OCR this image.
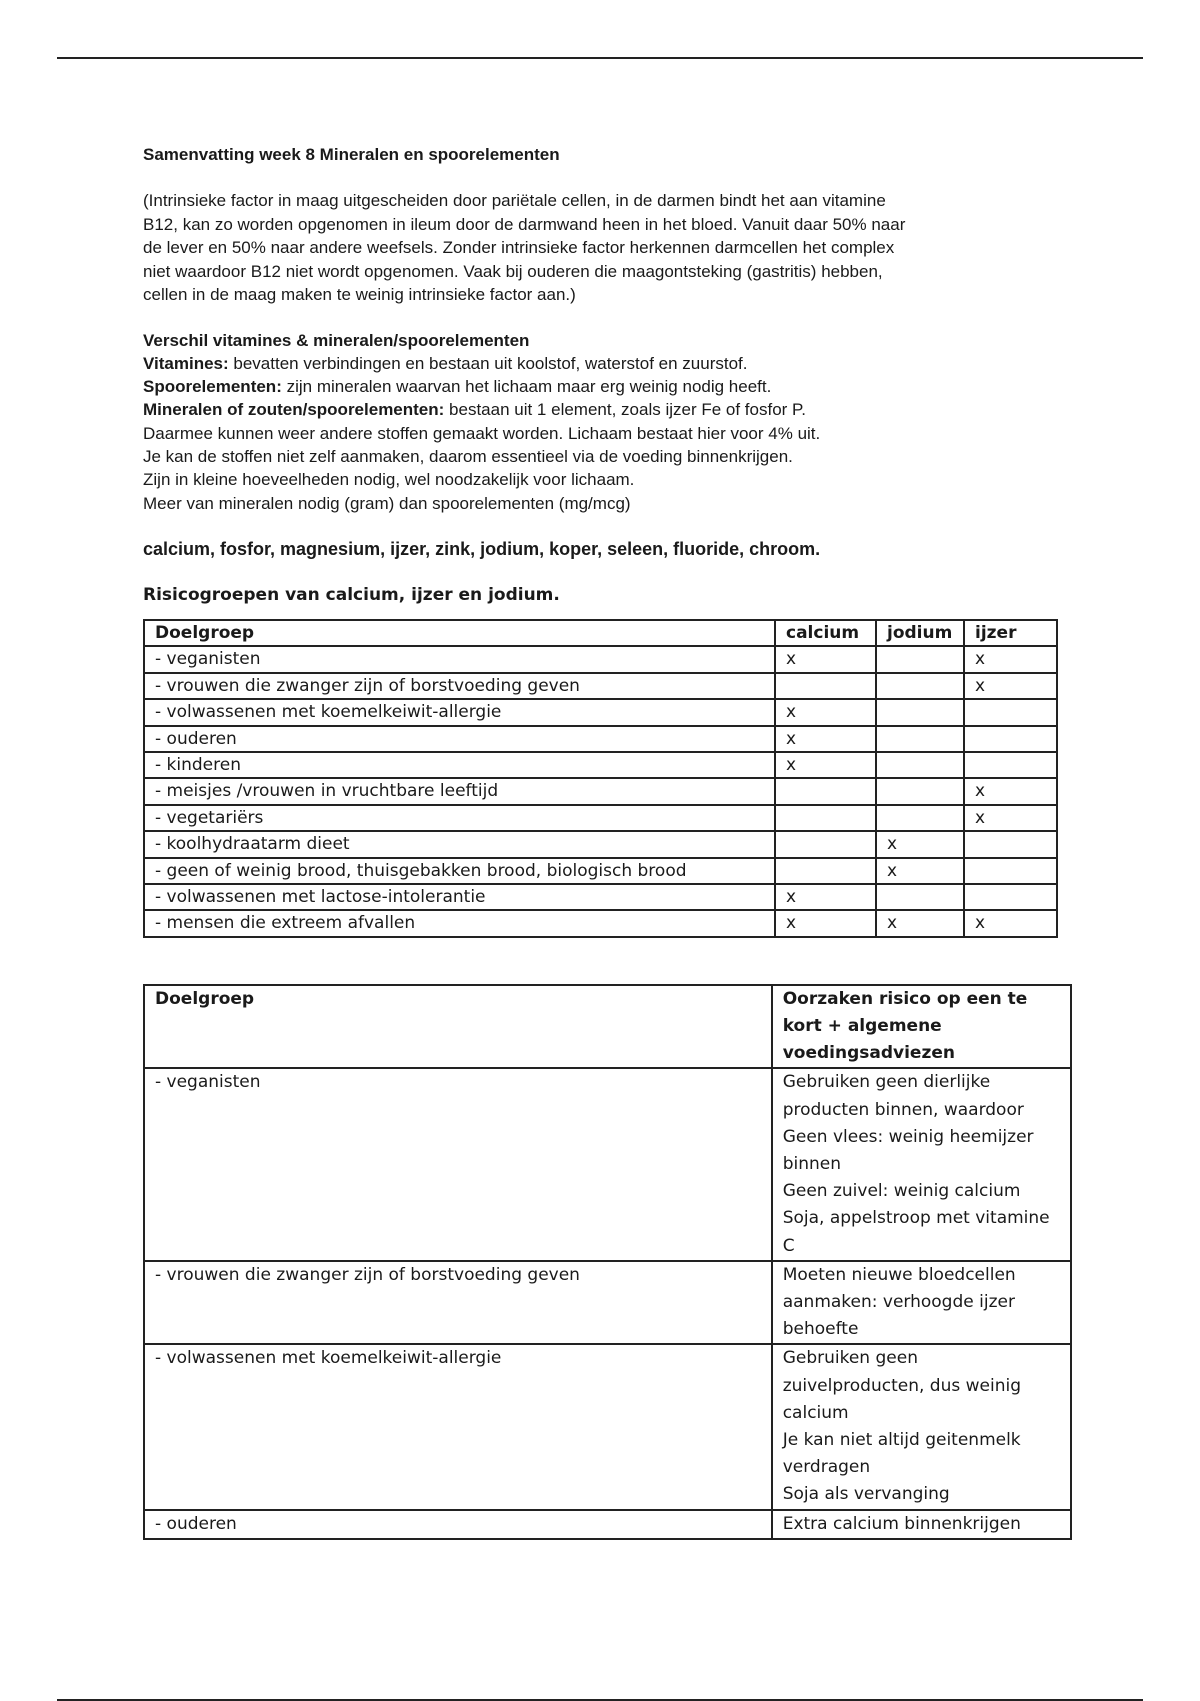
Samenvatting week 8 Mineralen en spoorelementen

(Intrinsieke factor in maag uitgescheiden door pariëtale cellen, in de darmen bindt het aan vitamine

B12, kan zo worden opgenomen in ileum door de darmwand heen in het bloed. Vanuit daar 50% naar

de lever en 50% naar andere weefsels. Zonder intrinsieke factor herkennen darmcellen het complex

niet waardoor B12 niet wordt opgenomen. Vaak bij ouderen die maagontsteking (gastritis) hebben,

cellen in de maag maken te weinig intrinsieke factor aan.)

Verschil vitamines & mineralen/spoorelementen

Vitamines: bevatten verbindingen en bestaan uit koolstof, waterstof en zuurstof.

Spoorelementen: zijn mineralen waarvan het lichaam maar erg weinig nodig heeft.

Mineralen of zouten/spoorelementen: bestaan uit 1 element, zoals ijzer Fe of fosfor P.

Daarmee kunnen weer andere stoffen gemaakt worden. Lichaam bestaat hier voor 4% uit.

Je kan de stoffen niet zelf aanmaken, daarom essentieel via de voeding binnenkrijgen.

Zijn in kleine hoeveelheden nodig, wel noodzakelijk voor lichaam.

Meer van mineralen nodig (gram) dan spoorelementen (mg/mcg)

calcium, fosfor, magnesium, ijzer, zink, jodium, koper, seleen, fluoride, chroom.
Risicogroepen van calcium, ijzer en jodium.
Doelgroep	calcium	jodium	ijzer
- veganisten	x		x
- vrouwen die zwanger zijn of borstvoeding geven			x
- volwassenen met koemelkeiwit-allergie	x		
- ouderen	x		
- kinderen	x		
- meisjes /vrouwen in vruchtbare leeftijd			x
- vegetariërs			x
- koolhydraatarm dieet		x	
- geen of weinig brood, thuisgebakken brood, biologisch brood		x	
- volwassenen met lactose-intolerantie	x		
- mensen die extreem afvallen	x	x	x
Doelgroep	Oorzaken risico op een te kort + algemene voedingsadviezen
- veganisten	Gebruiken geen dierlijke producten binnen, waardoor
Geen vlees: weinig heemijzer binnen
Geen zuivel: weinig calcium
Soja, appelstroop met vitamine C

- vrouwen die zwanger zijn of borstvoeding geven	Moeten nieuwe bloedcellen aanmaken: verhoogde ijzer behoefte

- volwassenen met koemelkeiwit-allergie	Gebruiken geen zuivelproducten, dus weinig calcium
Je kan niet altijd geitenmelk verdragen
Soja als vervanging

- ouderen	Extra calcium binnenkrijgen
